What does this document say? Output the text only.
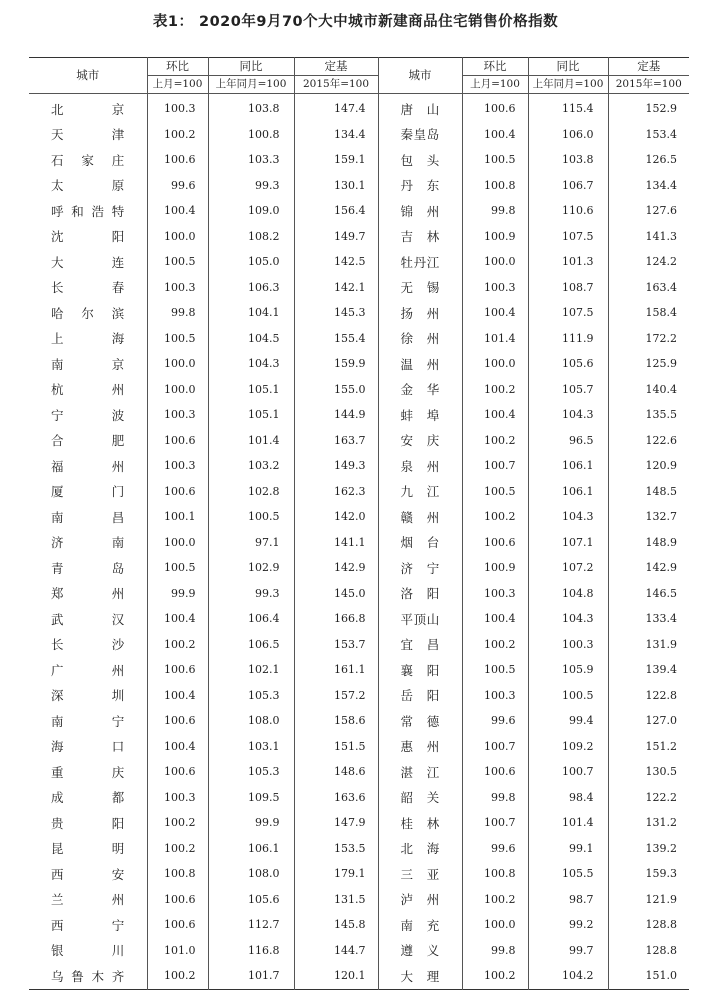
表1： 2020年9月70个大中城市新建商品住宅销售价格指数
城市	环比	同比	定基	城市	环比	同比	定基
	上月=100	上年同月=100	2015年=100		上月=100	上年同月=100	2015年=100
北京	100.3	103.8	147.4	唐山	100.6	115.4	152.9
天津	100.2	100.8	134.4	秦皇岛	100.4	106.0	153.4
石家庄	100.6	103.3	159.1	包头	100.5	103.8	126.5
太原	99.6	99.3	130.1	丹东	100.8	106.7	134.4
呼和浩特	100.4	109.0	156.4	锦州	99.8	110.6	127.6
沈阳	100.0	108.2	149.7	吉林	100.9	107.5	141.3
大连	100.5	105.0	142.5	牡丹江	100.0	101.3	124.2
长春	100.3	106.3	142.1	无锡	100.3	108.7	163.4
哈尔滨	99.8	104.1	145.3	扬州	100.4	107.5	158.4
上海	100.5	104.5	155.4	徐州	101.4	111.9	172.2
南京	100.0	104.3	159.9	温州	100.0	105.6	125.9
杭州	100.0	105.1	155.0	金华	100.2	105.7	140.4
宁波	100.3	105.1	144.9	蚌埠	100.4	104.3	135.5
合肥	100.6	101.4	163.7	安庆	100.2	96.5	122.6
福州	100.3	103.2	149.3	泉州	100.7	106.1	120.9
厦门	100.6	102.8	162.3	九江	100.5	106.1	148.5
南昌	100.1	100.5	142.0	赣州	100.2	104.3	132.7
济南	100.0	97.1	141.1	烟台	100.6	107.1	148.9
青岛	100.5	102.9	142.9	济宁	100.9	107.2	142.9
郑州	99.9	99.3	145.0	洛阳	100.3	104.8	146.5
武汉	100.4	106.4	166.8	平顶山	100.4	104.3	133.4
长沙	100.2	106.5	153.7	宜昌	100.2	100.3	131.9
广州	100.6	102.1	161.1	襄阳	100.5	105.9	139.4
深圳	100.4	105.3	157.2	岳阳	100.3	100.5	122.8
南宁	100.6	108.0	158.6	常德	99.6	99.4	127.0
海口	100.4	103.1	151.5	惠州	100.7	109.2	151.2
重庆	100.6	105.3	148.6	湛江	100.6	100.7	130.5
成都	100.3	109.5	163.6	韶关	99.8	98.4	122.2
贵阳	100.2	99.9	147.9	桂林	100.7	101.4	131.2
昆明	100.2	106.1	153.5	北海	99.6	99.1	139.2
西安	100.8	108.0	179.1	三亚	100.8	105.5	159.3
兰州	100.6	105.6	131.5	泸州	100.2	98.7	121.9
西宁	100.6	112.7	145.8	南充	100.0	99.2	128.8
银川	101.0	116.8	144.7	遵义	99.8	99.7	128.8
乌鲁木齐	100.2	101.7	120.1	大理	100.2	104.2	151.0
